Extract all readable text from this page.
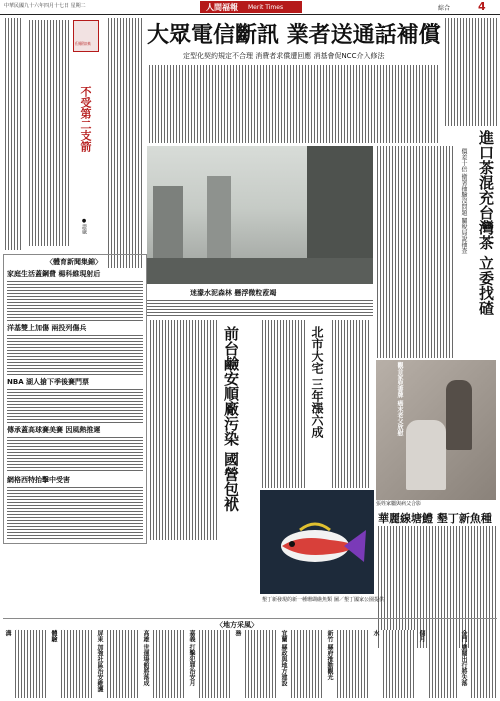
中華民國九十六年四月十七日 星期二	人間福報 Merit Times	綜合	4
但願如來
不受第二支箭
●證嚴
大眾電信斷訊 業者送通話補償
定型化契約規定不合理 消費者求償遭回應 消基會促NCC介入修法
進口茶混充台灣茶 立委找碴
價差十倍 衛署抽驗沒問題 關稅局說抽查
迷濛水泥森林 懸浮微粒蒞竭
〈體育新聞集錦〉
家庭生活蓋鋼費 楊科維現射后
洋基雙上加傷 兩投列傷兵
NBA 湖人搶下季後賽門票
傳承蓋高球賽美賽 因風熱推遲
網格西特抬擊中受害	前台鹼安順廠污染 國營包袱	北市大宅 三年漲六成	觀音家兜書牌 癌末老父欣慰
張姓家屬與病父合影
華麗線塘鱧 墾丁新魚種
墾丁新發現的新一種珊瑚礁魚類 圖／墾丁國家公園提供
〈地方采風〉
溝	體驗	屏東 加強社區治安維護	高雄 世運場館將落成	嘉義 打擊犯罪治安月	務	宜蘭 縣政與地方建設	新竹 縣府推動觀光	水	個月	金門 廣闊出行將失落
